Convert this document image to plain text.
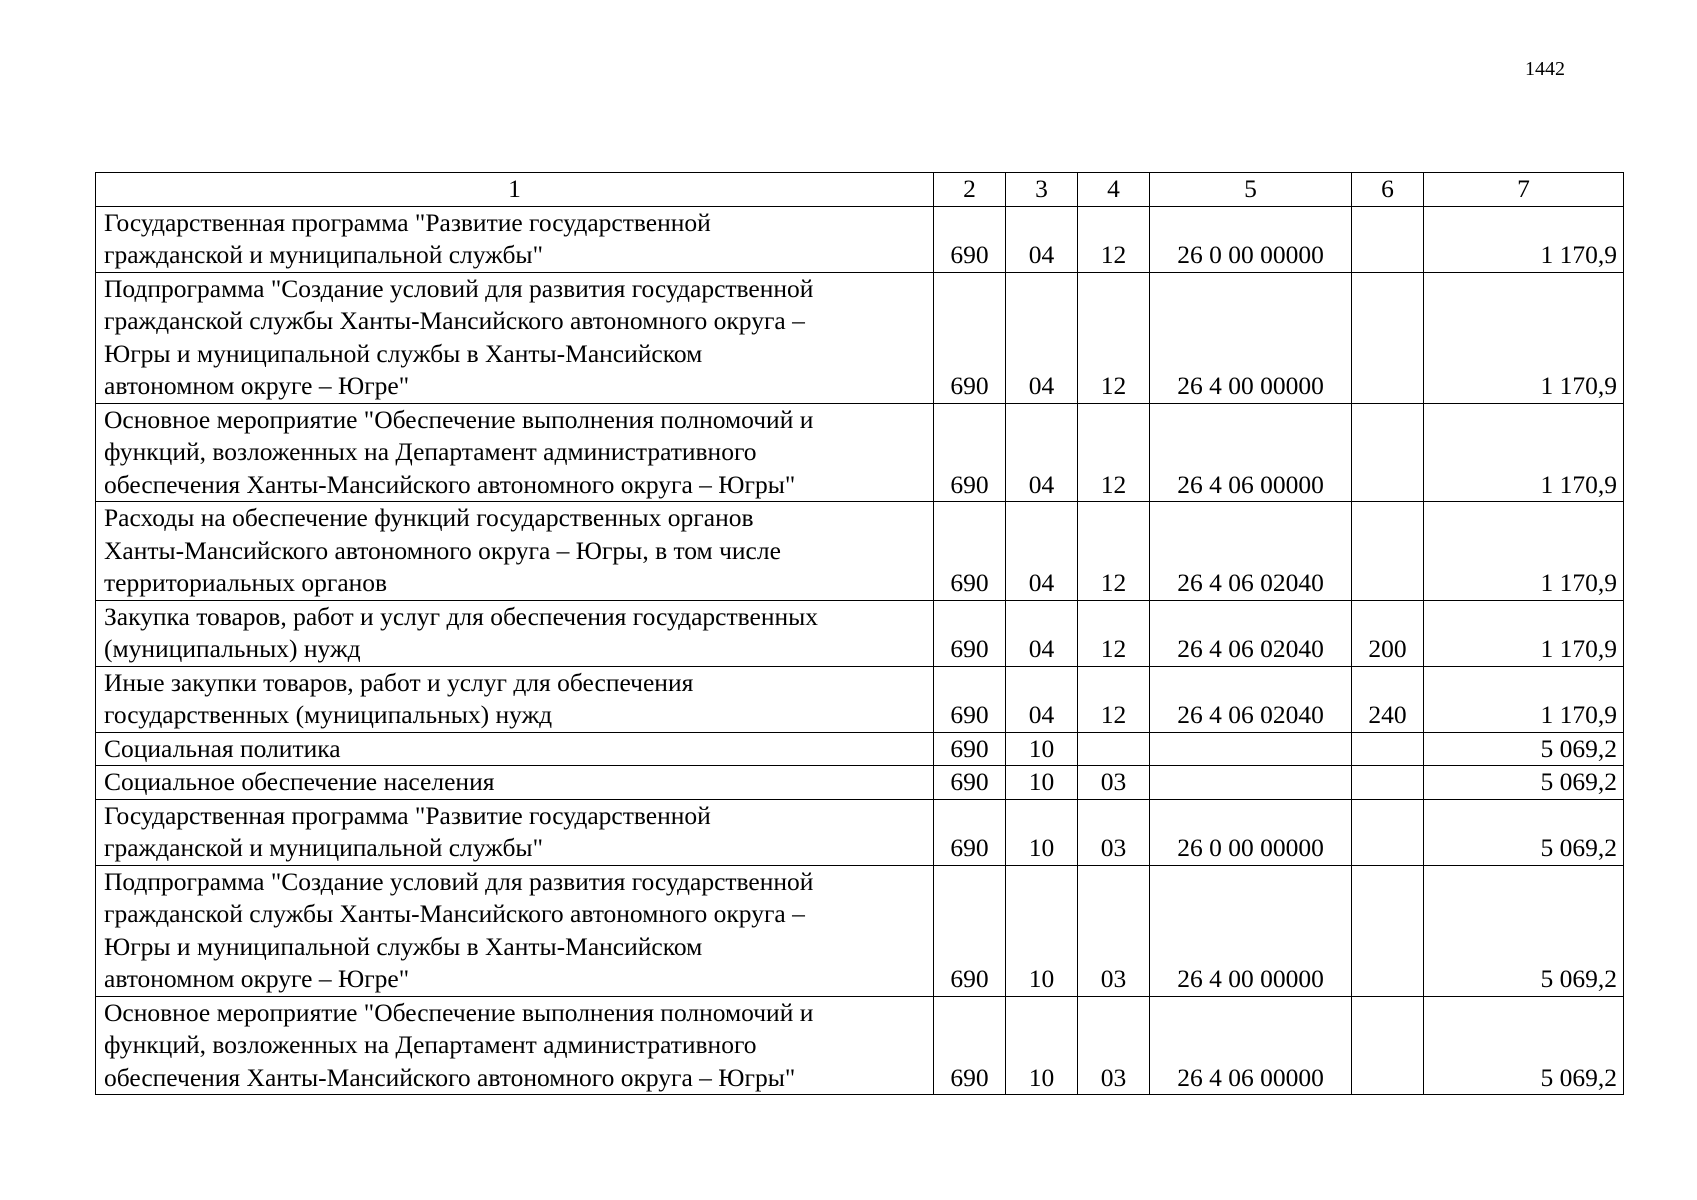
1442
1	2	3	4	5	6	7

Государственная программа "Развитие государственной
гражданской и муниципальной службы"	690	04	12	26 0 00 00000		1 170,9

Подпрограмма "Создание условий для развития государственной
гражданской службы Ханты-Мансийского автономного округа –
Югры и муниципальной службы в Ханты-Мансийском
автономном округе – Югре"	690	04	12	26 4 00 00000		1 170,9

Основное мероприятие "Обеспечение выполнения полномочий и
функций, возложенных на Департамент административного
обеспечения Ханты-Мансийского автономного округа – Югры"	690	04	12	26 4 06 00000		1 170,9

Расходы на обеспечение функций государственных органов
Ханты-Мансийского автономного округа – Югры, в том числе
территориальных органов	690	04	12	26 4 06 02040		1 170,9

Закупка товаров, работ и услуг для обеспечения государственных
(муниципальных) нужд	690	04	12	26 4 06 02040	200	1 170,9

Иные закупки товаров, работ и услуг для обеспечения
государственных (муниципальных) нужд	690	04	12	26 4 06 02040	240	1 170,9

Социальная политика	690	10				5 069,2

Социальное обеспечение населения	690	10	03			5 069,2

Государственная программа "Развитие государственной
гражданской и муниципальной службы"	690	10	03	26 0 00 00000		5 069,2

Подпрограмма "Создание условий для развития государственной
гражданской службы Ханты-Мансийского автономного округа –
Югры и муниципальной службы в Ханты-Мансийском
автономном округе – Югре"	690	10	03	26 4 00 00000		5 069,2

Основное мероприятие "Обеспечение выполнения полномочий и
функций, возложенных на Департамент административного
обеспечения Ханты-Мансийского автономного округа – Югры"	690	10	03	26 4 06 00000		5 069,2
